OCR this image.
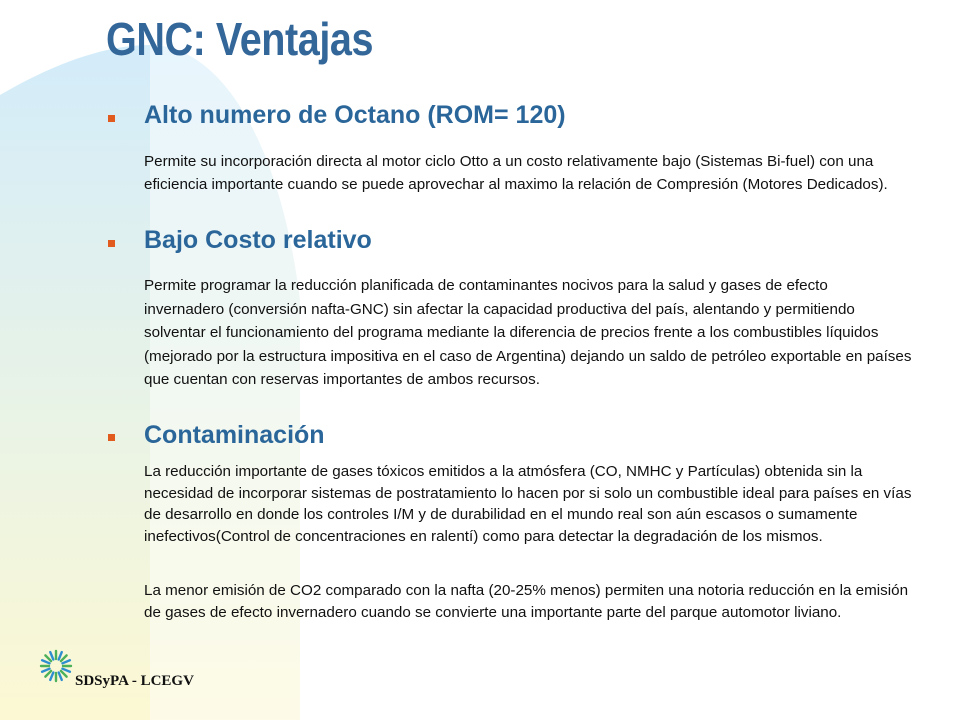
GNC: Ventajas
Alto numero de Octano (ROM= 120)

Permite su incorporación directa al motor ciclo Otto a un costo relativamente bajo (Sistemas Bi-fuel) con una eficiencia importante cuando se puede aprovechar al maximo la relación de Compresión (Motores Dedicados).

Bajo Costo relativo

Permite programar la reducción planificada de contaminantes nocivos para la salud y gases de efecto invernadero (conversión nafta-GNC) sin afectar la capacidad productiva del país, alentando y permitiendo solventar el funcionamiento del programa mediante la diferencia de precios frente a los combustibles líquidos (mejorado por la estructura impositiva en el caso de Argentina) dejando un saldo de petróleo exportable en países que cuentan con reservas importantes de ambos recursos.

Contaminación

La reducción importante de gases tóxicos emitidos a la atmósfera (CO, NMHC y Partículas) obtenida sin la necesidad de incorporar sistemas de postratamiento lo hacen por si solo un combustible ideal para países en vías de desarrollo en donde los controles I/M y de durabilidad en el mundo real son aún escasos o sumamente inefectivos(Control de concentraciones en ralentí) como para detectar la degradación de los mismos.

La menor emisión de CO2 comparado con la nafta (20-25% menos) permiten una notoria reducción en la emisión de gases de efecto invernadero cuando se convierte una importante parte del parque automotor liviano.

SDSyPA - LCEGV
